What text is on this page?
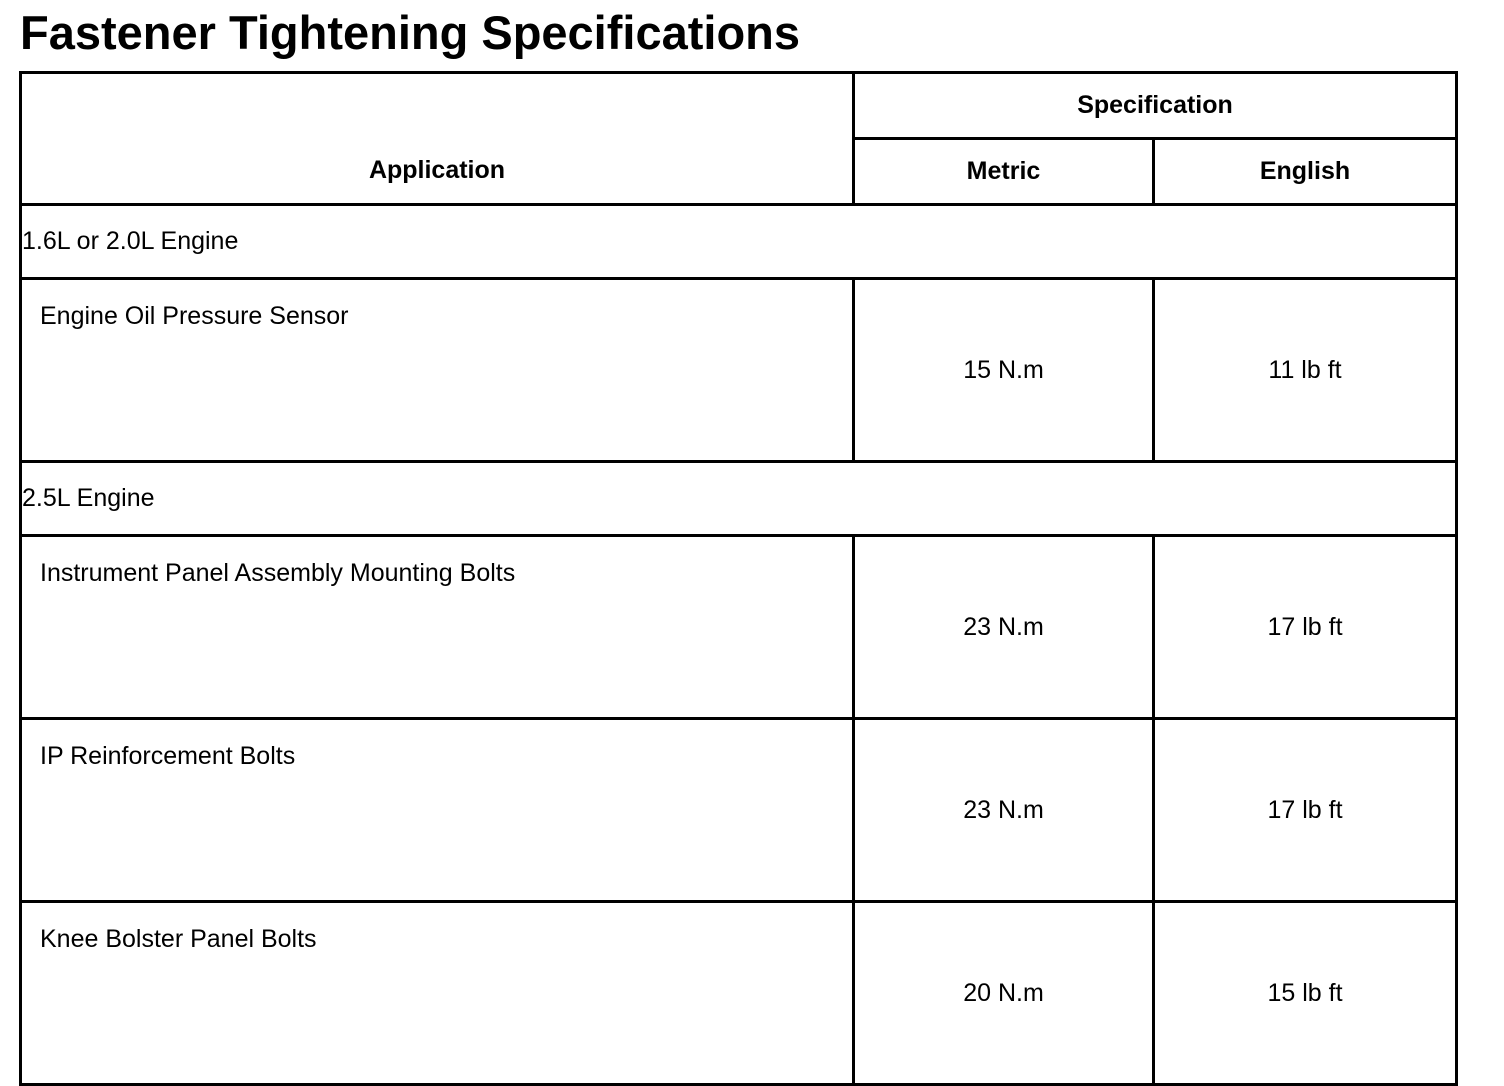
Fastener Tightening Specifications
Application	Specification	
	Metric	English
1.6L or 2.0L Engine		
Engine Oil Pressure Sensor	15 N.m	11 lb ft
2.5L Engine		
Instrument Panel Assembly Mounting Bolts	23 N.m	17 lb ft
IP Reinforcement Bolts	23 N.m	17 lb ft
Knee Bolster Panel Bolts	20 N.m	15 lb ft
